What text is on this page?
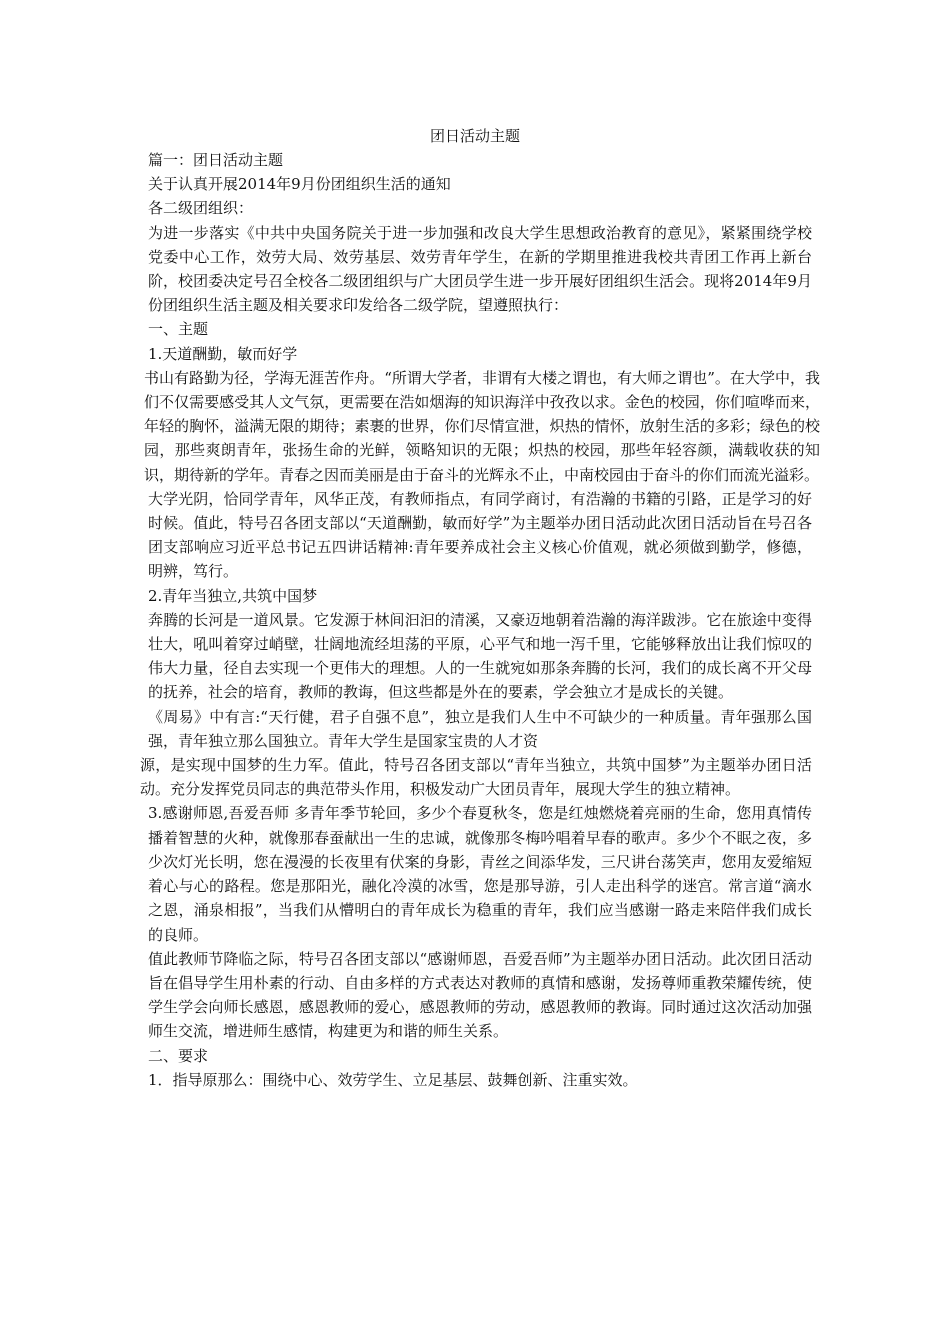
团日活动主题

篇一：团日活动主题

关于认真开展2014年9月份团组织生活的通知

各二级团组织：

为进一步落实《中共中央国务院关于进一步加强和改良大学生思想政治教育的意见》，紧紧围绕学校党委中心工作，效劳大局、效劳基层、效劳青年学生，在新的学期里推进我校共青团工作再上新台阶，校团委决定号召全校各二级团组织与广大团员学生进一步开展好团组织生活会。现将2014年9月份团组织生活主题及相关要求印发给各二级学院，望遵照执行：

一、主题

1.天道酬勤，敏而好学

书山有路勤为径，学海无涯苦作舟。“所谓大学者，非谓有大楼之谓也，有大师之谓也”。在大学中，我们不仅需要感受其人文气氛，更需要在浩如烟海的知识海洋中孜孜以求。金色的校园，你们喧哗而来，年轻的胸怀，溢满无限的期待；素裹的世界，你们尽情宣泄，炽热的情怀，放射生活的多彩；绿色的校园，那些爽朗青年，张扬生命的光鲜，领略知识的无限；炽热的校园，那些年轻容颜，满载收获的知识，期待新的学年。青春之因而美丽是由于奋斗的光辉永不止，中南校园由于奋斗的你们而流光溢彩。

大学光阴，恰同学青年，风华正茂，有教师指点，有同学商讨，有浩瀚的书籍的引路，正是学习的好时候。值此，特号召各团支部以“天道酬勤，敏而好学”为主题举办团日活动此次团日活动旨在号召各团支部响应习近平总书记五四讲话精神:青年要养成社会主义核心价值观，就必须做到勤学，修德，明辨，笃行。

2.青年当独立,共筑中国梦

奔腾的长河是一道风景。它发源于林间汩汩的清溪，又豪迈地朝着浩瀚的海洋跋涉。它在旅途中变得壮大，吼叫着穿过峭壁，壮阔地流经坦荡的平原，心平气和地一泻千里，它能够释放出让我们惊叹的伟大力量，径自去实现一个更伟大的理想。人的一生就宛如那条奔腾的长河，我们的成长离不开父母的抚养，社会的培育，教师的教诲，但这些都是外在的要素，学会独立才是成长的关键。

《周易》中有言:“天行健，君子自强不息”，独立是我们人生中不可缺少的一种质量。青年强那么国强，青年独立那么国独立。青年大学生是国家宝贵的人才资

源，是实现中国梦的生力军。值此，特号召各团支部以“青年当独立，共筑中国梦”为主题举办团日活动。充分发挥党员同志的典范带头作用，积极发动广大团员青年，展现大学生的独立精神。

3.感谢师恩,吾爱吾师 多青年季节轮回，多少个春夏秋冬，您是红烛燃烧着亮丽的生命，您用真情传播着智慧的火种，就像那春蚕献出一生的忠诚，就像那冬梅吟唱着早春的歌声。多少个不眠之夜，多少次灯光长明，您在漫漫的长夜里有伏案的身影，青丝之间添华发，三尺讲台荡笑声，您用友爱缩短着心与心的路程。您是那阳光，融化冷漠的冰雪，您是那导游，引人走出科学的迷宫。常言道“滴水之恩，涌泉相报”，当我们从懵明白的青年成长为稳重的青年，我们应当感谢一路走来陪伴我们成长的良师。

值此教师节降临之际，特号召各团支部以“感谢师恩，吾爱吾师”为主题举办团日活动。此次团日活动旨在倡导学生用朴素的行动、自由多样的方式表达对教师的真情和感谢，发扬尊师重教荣耀传统，使学生学会向师长感恩，感恩教师的爱心，感恩教师的劳动，感恩教师的教诲。同时通过这次活动加强师生交流，增进师生感情，构建更为和谐的师生关系。

二、要求

1．指导原那么：围绕中心、效劳学生、立足基层、鼓舞创新、注重实效。
